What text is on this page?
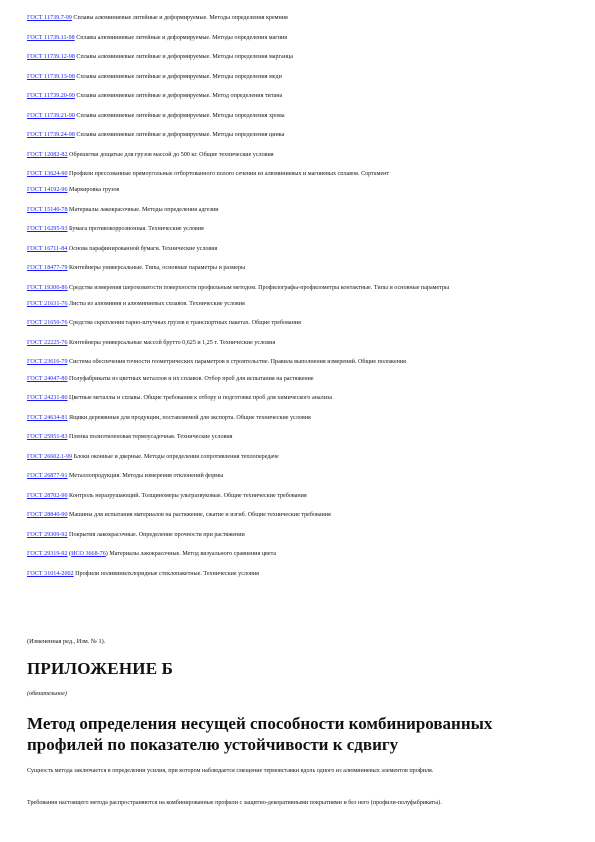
ГОСТ 11739.7-99 Сплавы алюминиевые литейные и деформируемые. Методы определения кремния

ГОСТ 11739.11-98 Сплавы алюминиевые литейные и деформируемые. Методы определения магния

ГОСТ 11739.12-98 Сплавы алюминиевые литейные и деформируемые. Методы определения марганца

ГОСТ 11739.13-98 Сплавы алюминиевые литейные и деформируемые. Методы определения меди

ГОСТ 11739.20-99 Сплавы алюминиевые литейные и деформируемые. Метод определения титана

ГОСТ 11739.21-90 Сплавы алюминиевые литейные и деформируемые. Методы определения хрома

ГОСТ 11739.24-98 Сплавы алюминиевые литейные и деформируемые. Методы определения цинка

ГОСТ 12082-82 Обрешетки дощатые для грузов массой до 500 кг. Общие технические условия

ГОСТ 13624-90 Профили прессованные прямоугольные отбортованного полого сечения из алюминиевых и магниевых сплавов. Сортамент

ГОСТ 14192-96 Маркировка грузов

ГОСТ 15140-78 Материалы лакокрасочные. Методы определения адгезии

ГОСТ 16295-93 Бумага противокоррозионная. Технические условия

ГОСТ 16711-84 Основа парафинированной бумаги. Технические условия

ГОСТ 18477-79 Контейнеры универсальные. Типы, основные параметры и размеры

ГОСТ 19300-86 Средства измерения шероховатости поверхности профильным методом. Профилографы-профилометры контактные. Типы и основные параметры

ГОСТ 21631-76 Листы из алюминия и алюминиевых сплавов. Технические условия

ГОСТ 21650-76 Средства скрепления тарно-штучных грузов в транспортных пакетах. Общие требования

ГОСТ 22225-76 Контейнеры универсальные массой брутто 0,625 и 1,25 т. Технические условия

ГОСТ 23616-79 Система обеспечения точности геометрических параметров в строительстве. Правила выполнения измерений. Общие положения

ГОСТ 24047-80 Полуфабрикаты из цветных металлов и их сплавов. Отбор проб для испытания на растяжение

ГОСТ 24231-80 Цветные металлы и сплавы. Общие требования к отбору и подготовке проб для химического анализа

ГОСТ 24634-81 Ящики деревянные для продукции, поставляемой для экспорта. Общие технические условия

ГОСТ 25951-83 Пленка полиэтиленовая термоусадочная. Технические условия

ГОСТ 26602.1-99 Блоки оконные и дверные. Методы определения сопротивления теплопередаче

ГОСТ 26877-91 Металлопродукция. Методы измерения отклонений формы

ГОСТ 28702-90 Контроль неразрушающий. Толщиномеры ультразвуковые. Общие технические требования

ГОСТ 28840-90 Машины для испытания материалов на растяжение, сжатие и изгиб. Общие технические требования

ГОСТ 29309-92 Покрытия лакокрасочные. Определение прочности при растяжении

ГОСТ 29319-92 (ИСО 3668-76) Материалы лакокрасочные. Метод визуального сравнения цвета

ГОСТ 31014-2002 Профили поливинилхлоридные стеклопакетные. Технические условия

(Измененная ред., Изм. № 1).
ПРИЛОЖЕНИЕ Б
(обязательное)
Метод определения несущей способности комбинированных профилей по показателю устойчивости к сдвигу
Сущность метода заключается в определении усилия, при котором наблюдается смещение термовставки вдоль одного из алюминиевых элементов профиля.
Требования настоящего метода распространяются на комбинированные профили с защитно-декоративными покрытиями и без него (профили-полуфабрикаты).
